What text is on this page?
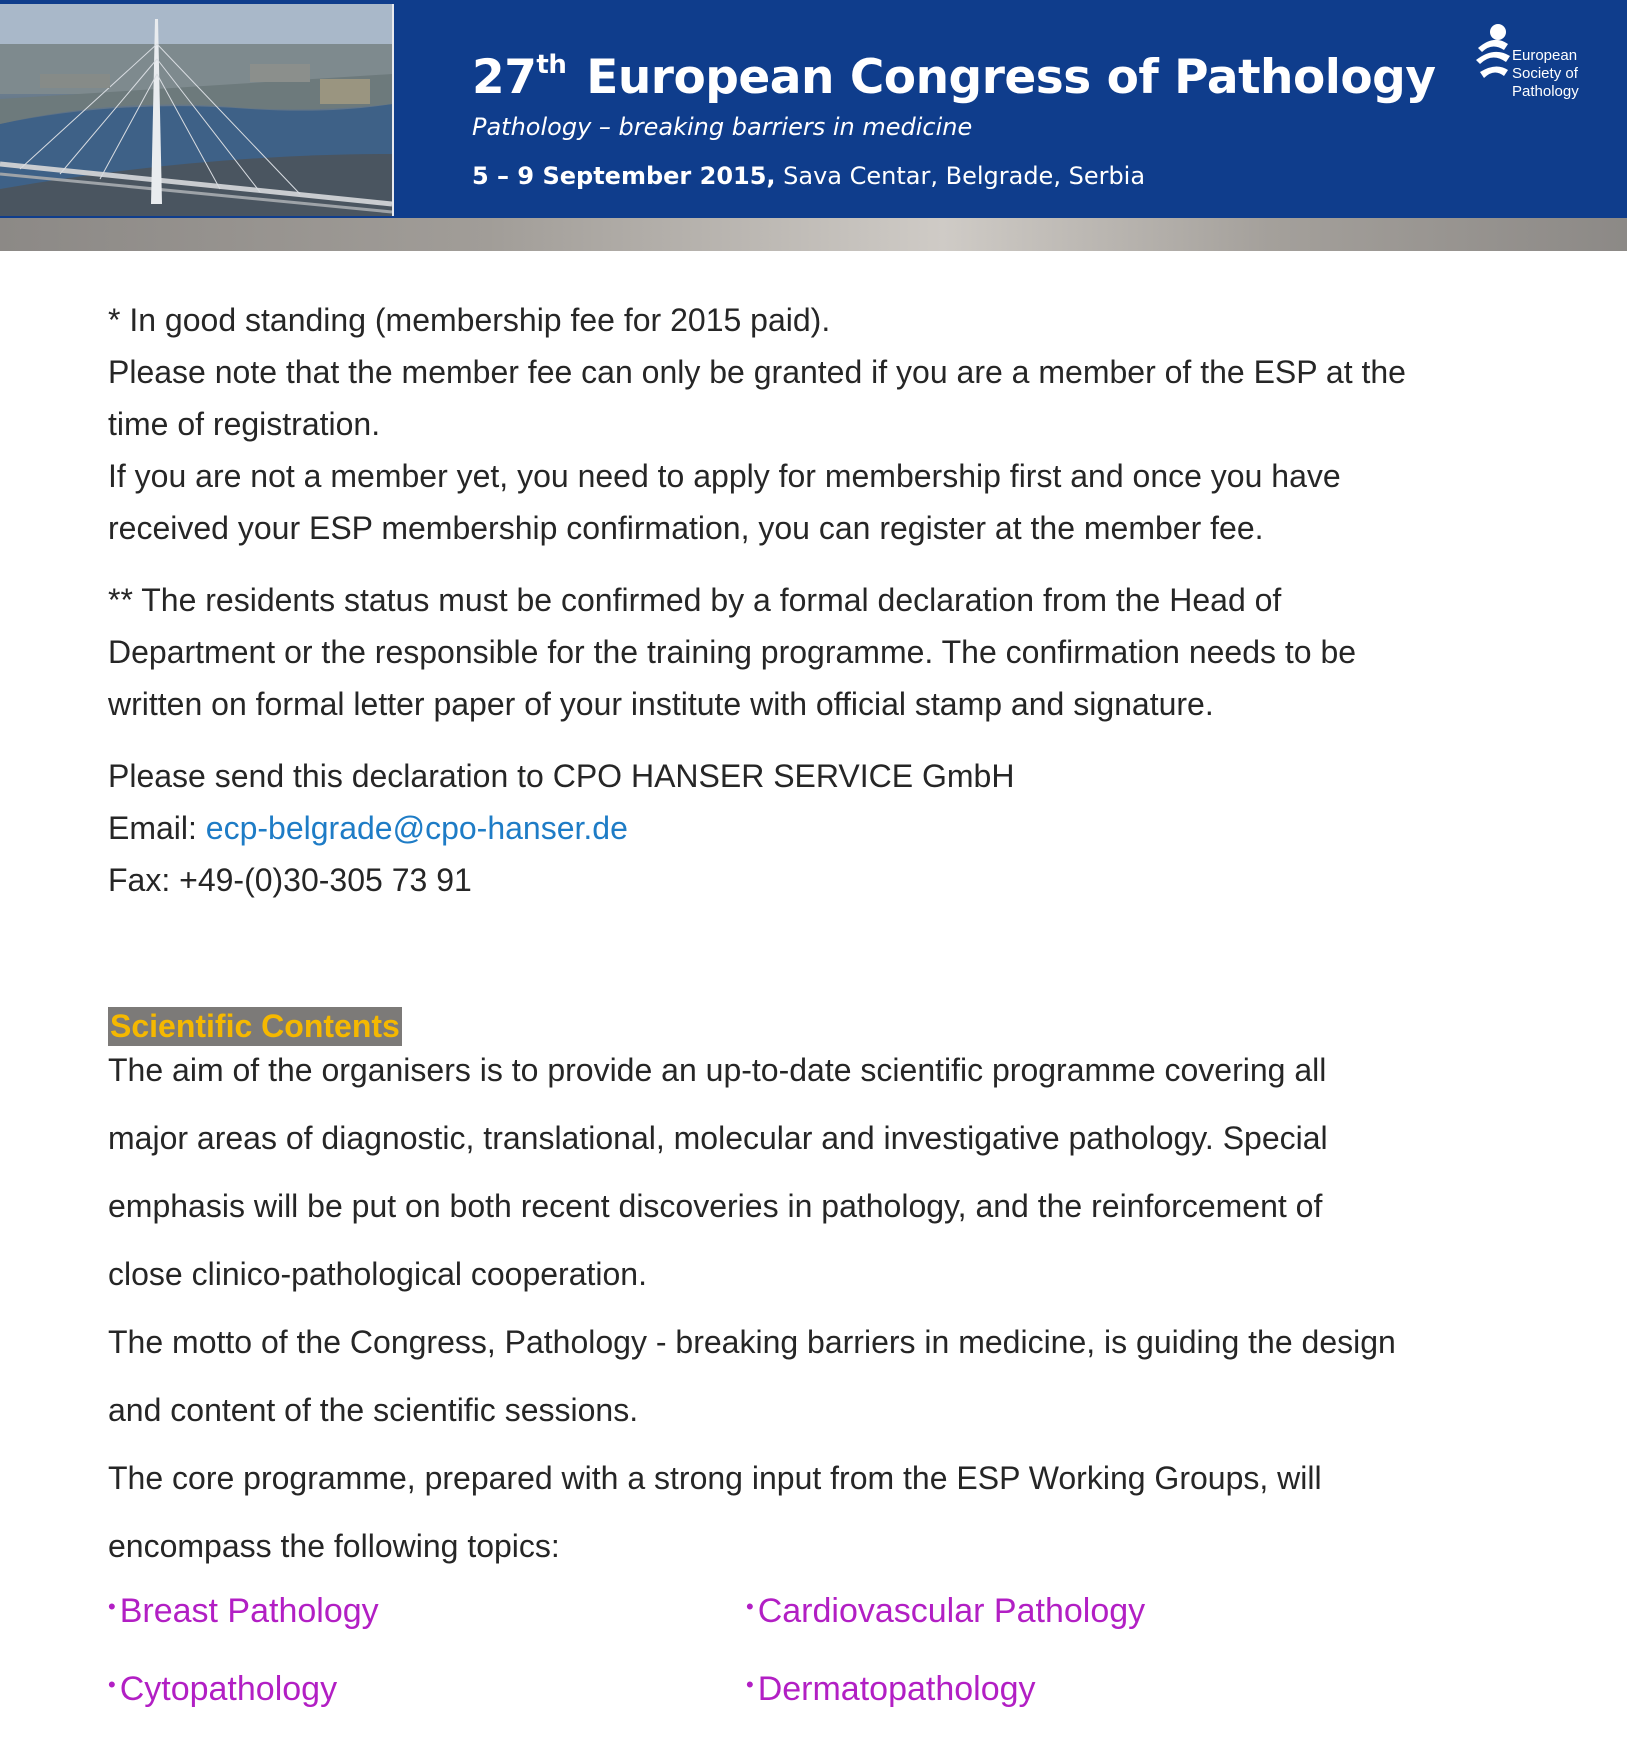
27th European Congress of Pathology
Pathology – breaking barriers in medicine
5 – 9 September 2015, Sava Centar, Belgrade, Serbia
European
Society of
Pathology
* In good standing (membership fee for 2015 paid).
Please note that the member fee can only be granted if you are a member of the ESP at the
time of registration.
If you are not a member yet, you need to apply for membership first and once you have
received your ESP membership confirmation, you can register at the member fee.
** The residents status must be confirmed by a formal declaration from the Head of
Department or the responsible for the training programme. The confirmation needs to be
written on formal letter paper of your institute with official stamp and signature.
Please send this declaration to CPO HANSER SERVICE GmbH
Email: ecp-belgrade@cpo-hanser.de
Fax: +49-(0)30-305 73 91
Scientific Contents
The aim of the organisers is to provide an up-to-date scientific programme covering all
major areas of diagnostic, translational, molecular and investigative pathology. Special
emphasis will be put on both recent discoveries in pathology, and the reinforcement of
close clinico-pathological cooperation.
The motto of the Congress, Pathology - breaking barriers in medicine, is guiding the design
and content of the scientific sessions.
The core programme, prepared with a strong input from the ESP Working Groups, will
encompass the following topics:
• Breast Pathology	• Cardiovascular Pathology
• Cytopathology	• Dermatopathology
